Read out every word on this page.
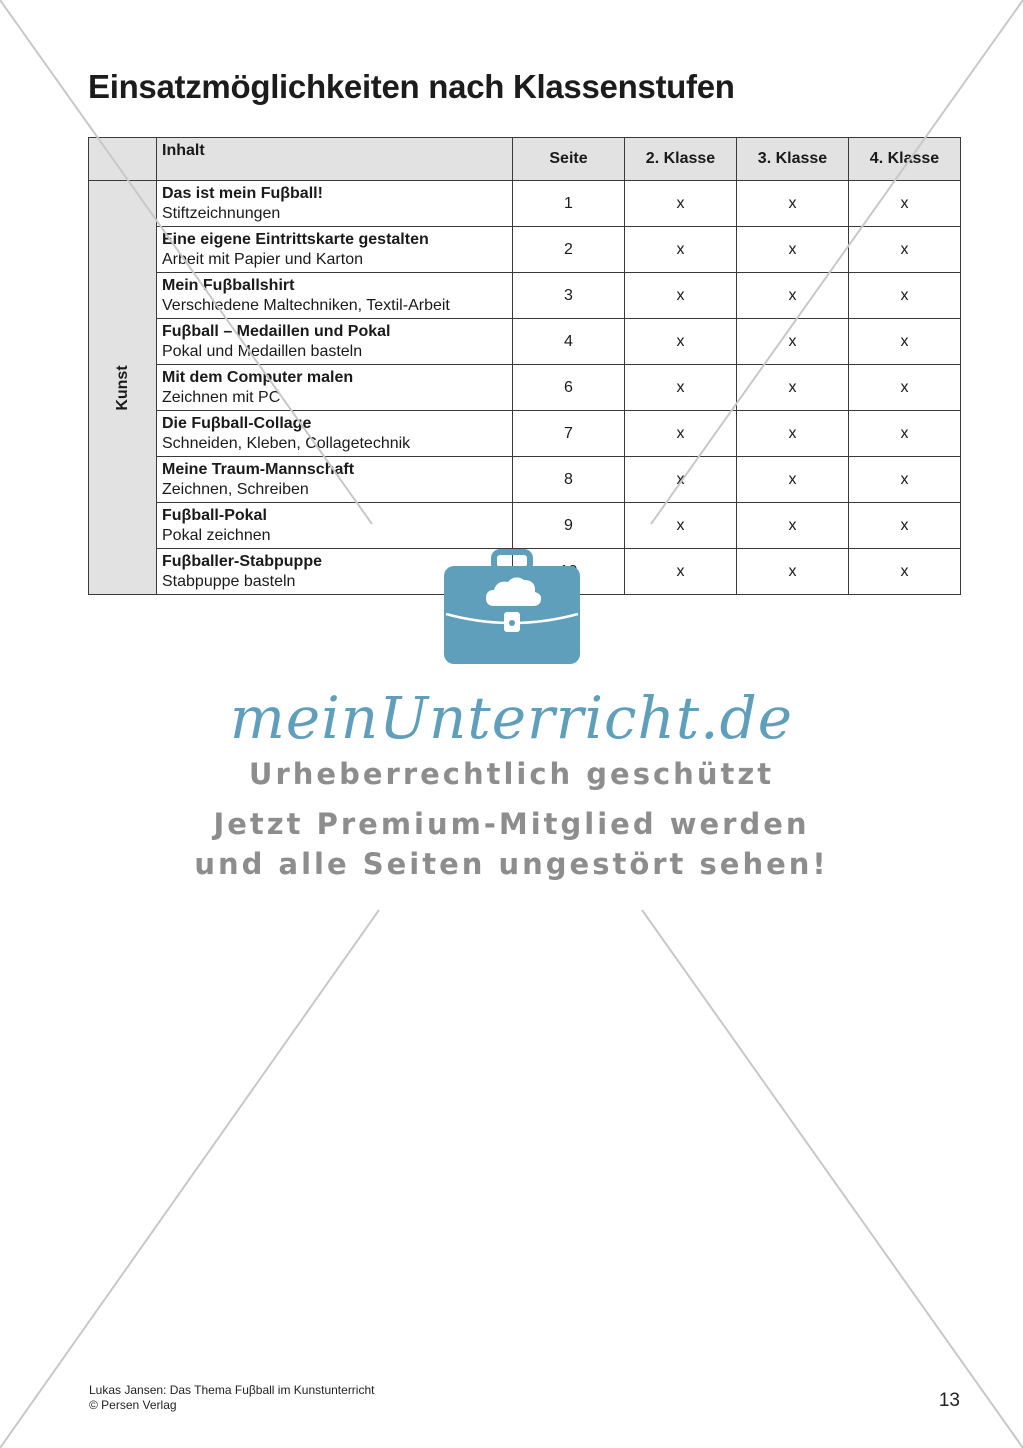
Einsatzmöglichkeiten nach Klassenstufen
	Inhalt	Seite	2. Klasse	3. Klasse	4. Klasse

Kunst	Das ist mein Fuβball!
Stiftzeichnungen	1	x	x	x

	Eine eigene Eintrittskarte gestalten
Arbeit mit Papier und Karton	2	x	x	x

	Mein Fuβballshirt
Verschiedene Maltechniken, Textil-Arbeit	3	x	x	x

	Fuβball – Medaillen und Pokal
Pokal und Medaillen basteln	4	x	x	x

	Mit dem Computer malen
Zeichnen mit PC	6	x	x	x

	Die Fuβball-Collage
Schneiden, Kleben, Collagetechnik	7	x	x	x

	Meine Traum-Mannschaft
Zeichnen, Schreiben	8	x	x	x

	Fuβball-Pokal
Pokal zeichnen	9	x	x	x

	Fuβballer-Stabpuppe
Stabpuppe basteln		x	x	x
meinUnterricht.de
Urheberrechtlich geschützt
Jetzt Premium-Mitglied werden
und alle Seiten ungestört sehen!
Lukas Jansen: Das Thema Fuβball im Kunstunterricht
© Persen Verlag	13
